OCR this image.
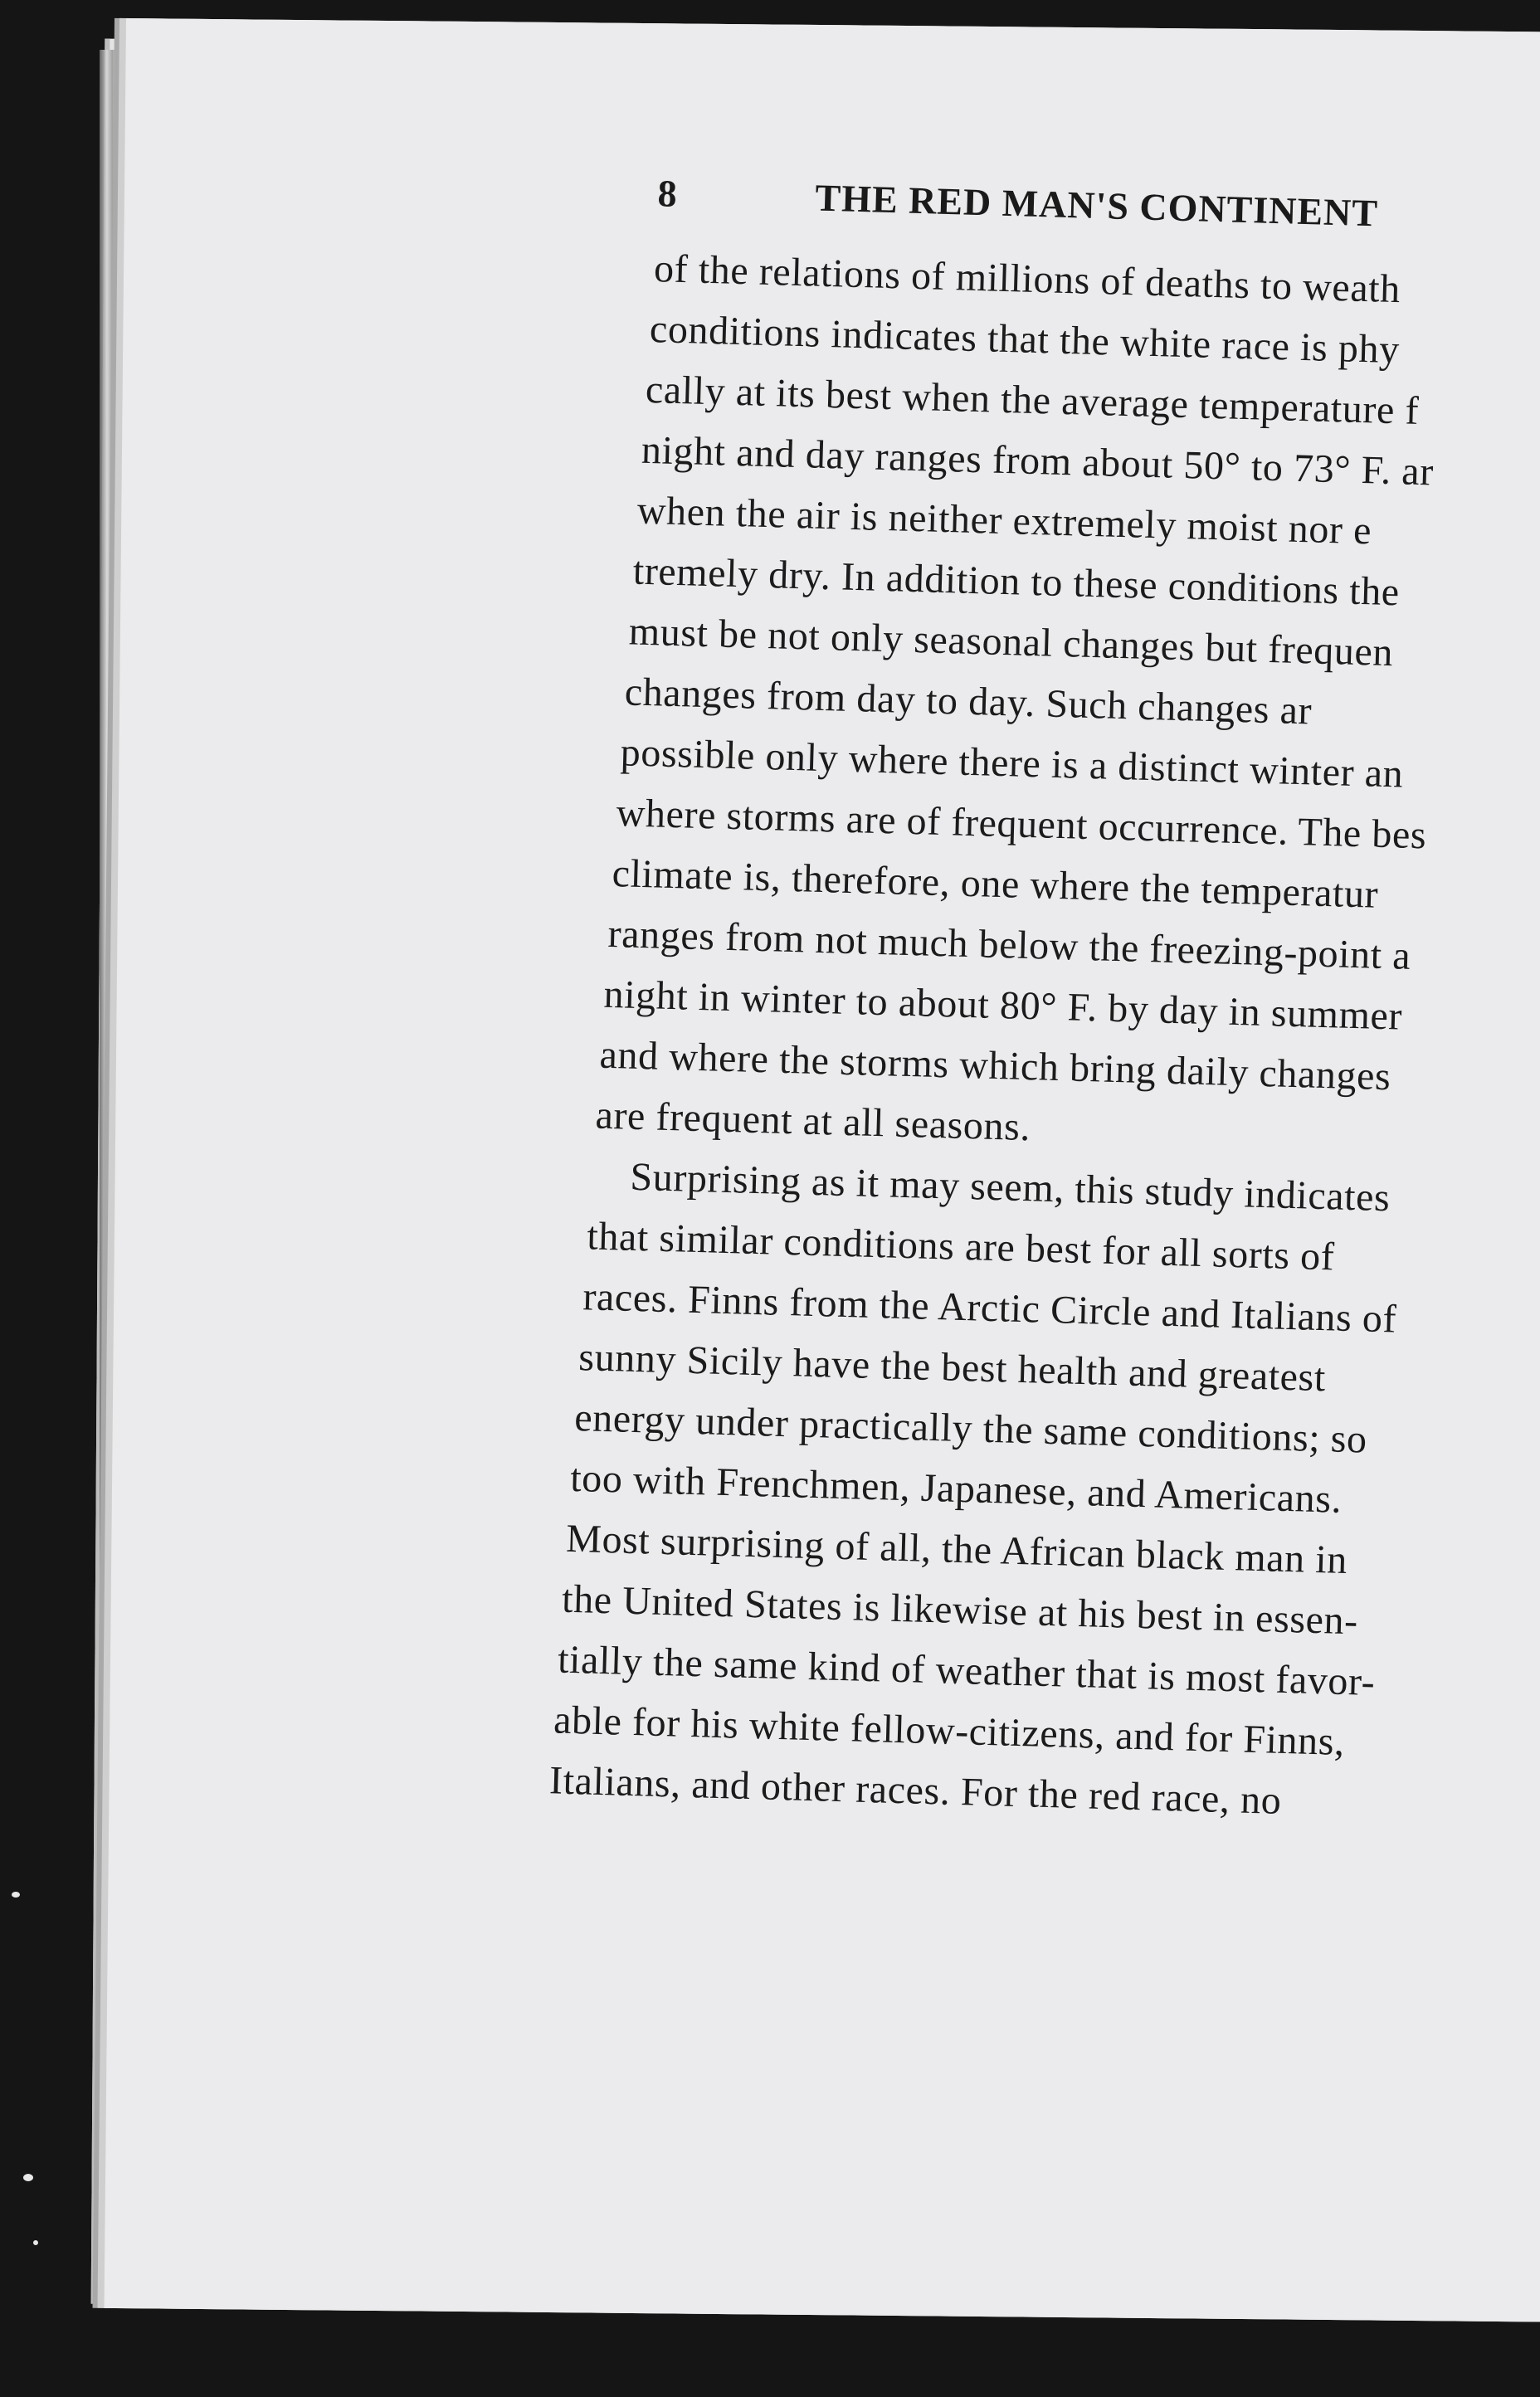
8	THE RED MAN'S CONTINENT
of the relations of millions of deaths to weath
conditions indicates that the white race is phy
cally at its best when the average temperature f
night and day ranges from about 50° to 73° F. ar
when the air is neither extremely moist nor e
tremely dry. In addition to these conditions the
must be not only seasonal changes but frequen
changes from day to day. Such changes ar
possible only where there is a distinct winter an
where storms are of frequent occurrence. The bes
climate is, therefore, one where the temperatur
ranges from not much below the freezing-point a
night in winter to about 80° F. by day in summer
and where the storms which bring daily changes
are frequent at all seasons.
Surprising as it may seem, this study indicates
that similar conditions are best for all sorts of
races. Finns from the Arctic Circle and Italians of
sunny Sicily have the best health and greatest
energy under practically the same conditions; so
too with Frenchmen, Japanese, and Americans.
Most surprising of all, the African black man in
the United States is likewise at his best in essen-
tially the same kind of weather that is most favor-
able for his white fellow-citizens, and for Finns,
Italians, and other races. For the red race, no
